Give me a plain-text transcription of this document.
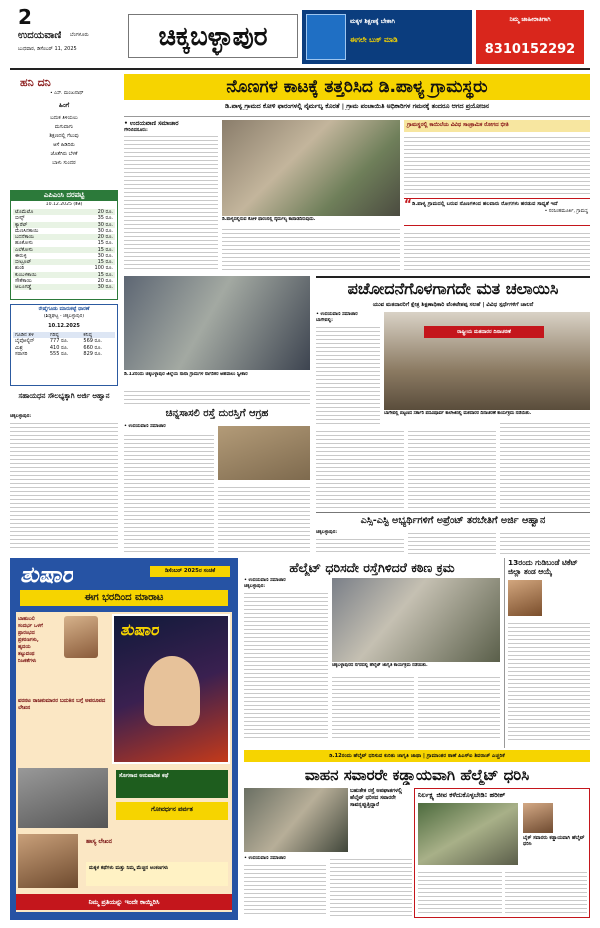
2
ಉದಯವಾಣಿ ಬೆಂಗಳೂರು
ಬುಧವಾರ, ಡಿಸೆಂಬರ್ 11, 2025	ಚಿಕ್ಕಬಳ್ಳಾಪುರ
ಮಕ್ಕಳ ಶಿಕ್ಷಣಕ್ಕೆ ಬೇಕಾಗಿ
ಈಗಲೇ ಬುಕ್ ಮಾಡಿ
ನಿಮ್ಮ ಜಾಹೀರಾತಿಗಾಗಿ
8310152292
ಹನಿ ದನಿ
• ಎಸ್. ಮಂಜುನಾಥ್
ಹಿಂಗೆ
ಬದುಕ ತಿಳಿಯಲು
ಮಗುವಾಗು
ಶಿಕ್ಷಣದಲ್ಲಿ ಗೆಲುವು
ಆಸೆ ಹಿಡಿದಿರು
ಜೊತೆಗಿರು ಬೆಳಕೆ
ಬಾಳು ಸುಂದರ
ಎಪಿಎಂಸಿ ದರಪಟ್ಟಿ
10.12.2025 (ಕೆಜಿ)
ಟೊಮೆಟೊ	20 ರೂ.
ಬೀನ್ಸ್	35 ರೂ.
ಕ್ಯಾರೆಟ್	30 ರೂ.
ಮೆಣಸಿನಕಾಯಿ	30 ರೂ.
ಬದನೆಕಾಯಿ	20 ರೂ.
ಹೂಕೋಸು	15 ರೂ.
ಎಲೆಕೋಸು	15 ರೂ.
ಈರುಳ್ಳಿ	30 ರೂ.
ಬೀಟ್ರೂಟ್	15 ರೂ.
ಶುಂಠಿ	100 ರೂ.
ಕುಂಬಳಕಾಯಿ	15 ರೂ.
ಸೌತೆಕಾಯಿ	20 ರೂ.
ಆಲೂಗಡ್ಡೆ	30 ರೂ.
ರೇಷ್ಮೆಗೂಡು ಮಾರುಕಟ್ಟೆ ಧಾರಣೆ
(ಶಿಡ್ಲಘಟ್ಟ - ಚಿಕ್ಕಬಳ್ಳಾಪುರ)
10.12.2025
ಗೂಡಿನ ತಳಿ	ಗರಿಷ್ಠ	ಕನಿಷ್ಠ
ಬೈವೋಲ್ಟಿನ್	777 ರೂ.	569 ರೂ.
ಮಿಶ್ರ	410 ರೂ.	660 ರೂ.
ಸರಾಸರಿ	555 ರೂ.	829 ರೂ.
ಸಹಾಯಧನ ಸೌಲಭ್ಯಕ್ಕಾಗಿ ಅರ್ಜಿ ಆಹ್ವಾನ
ಚಿಕ್ಕಬಳ್ಳಾಪುರ:
ನೊಣಗಳ ಕಾಟಕ್ಕೆ ತತ್ತರಿಸಿದ ಡಿ.ಪಾಳ್ಯ ಗ್ರಾಮಸ್ಥರು
ಡಿ.ಪಾಳ್ಯ ಗ್ರಾಮದ ಕೋಳಿ ಫಾರಂಗಳಲ್ಲಿ ನೈರ್ಮಲ್ಯ ಕೊರತೆ | ಗ್ರಾಮ ಪಂಚಾಯಿತಿ ಅಧಿಕಾರಿಗಳ ಗಮನಕ್ಕೆ ತಂದರೂ ಆಗದ ಪ್ರಯೋಜನ
• ಉದಯವಾಣಿ ಸಮಾಚಾರ
ಗೌರಿಬಿದನೂರು:
ಡಿ.ಪಾಳ್ಯದಲ್ಲಿರುವ ಕೋಳಿ ಫಾರಂನಲ್ಲಿ ನೈರ್ಮಲ್ಯ ಕಾಪಾಡದಿರುವುದು.
ಗ್ರಾಮಸ್ಥರಲ್ಲಿ ಕಾಯಿಲೆಯ ವಿವಿಧ ಸಾಂಕ್ರಾಮಿಕ ರೋಗದ ಭೀತಿ
ಡಿ.ಪಾಳ್ಯ ಗ್ರಾಮದಲ್ಲಿ ಬರುವ ನೊಣಗಳಿಂದ ಹಲವಾರು ರೋಗಗಳು ಹರಡುವ ಸಾಧ್ಯತೆ ಇದೆ
• ನರಸಿಂಹಮೂರ್ತಿ, ಗ್ರಾಮಸ್ಥ
“
ಡಿ.12ರಂದು ಚಿಕ್ಕಬಳ್ಳಾಪುರ ಜಿಲ್ಲೆಯ ನಾನಾ ಗ್ರಾಮಗಳ ನಾಗರಿಕರ ಅಹವಾಲು ಸ್ವೀಕಾರ
ಚಿನ್ನಸಾಸಲಿ ರಸ್ತೆ ದುರಸ್ತಿಗೆ ಆಗ್ರಹ
• ಉದಯವಾಣಿ ಸಮಾಚಾರ
ಪಚೋದನೆಗೊಳಗಾಗದೇ ಮತ ಚಲಾಯಿಸಿ
ಯುವ ಮತದಾರರಿಗೆ ಕ್ಷೇತ್ರ ಶಿಕ್ಷಣಾಧಿಕಾರಿ ವೆಂಕಟೇಶಪ್ಪ ಸಲಹೆ | ವಿವಿಧ ಸ್ಪರ್ಧೆಗಳಿಗೆ ಚಾಲನೆ
• ಉದಯವಾಣಿ ಸಮಾಚಾರ
ಬಾಗೇಪಲ್ಲಿ:
ರಾಷ್ಟ್ರೀಯ ಮತದಾರರ ದಿನಾಚರಣೆ
ಬಾಗೇಪಲ್ಲಿ ಪಟ್ಟಣದ ಸರ್ಕಾರಿ ಪದವಿಪೂರ್ವ ಕಾಲೇಜಿನಲ್ಲಿ ಮತದಾರರ ದಿನಾಚರಣೆ ಕಾರ್ಯಕ್ರಮ ನಡೆಯಿತು.
ಎಸ್ಸಿ-ಎಸ್ಟಿ ಅಭ್ಯರ್ಥಿಗಳಿಗೆ ಅಪ್ರೆಂಟ್ ತರಬೇತಿಗೆ ಅರ್ಜಿ ಆಹ್ವಾನ
ಚಿಕ್ಕಬಳ್ಳಾಪುರ:
ತುಷಾರ	ಡಿಸೆಂಬರ್ 2025ರ ಸಂಚಿಕೆ
ಈಗ ಭರದಿಂದ ಮಾರಾಟ
ಬಾಹುಬಲಿ
ಸಂದರ್ಭ ಒಳಗೆ
ಪ್ರಾರಂಭದ
ಪ್ರಕರಣಗಳು,
ಹೃದಯ
ತಟ್ಟುವಂಥ
ನಿಜಕತೆಗಳು
ತುಷಾರ
ವರನಟ ರಾಜಕುಮಾರರ ಬದುಕಿನ ಬಗ್ಗೆ ಅಪರೂಪದ ಲೇಖನ
ಸೊಗಸಾದ ಅನುವಾದಿತ ಕಥೆ
ಗೋವರ್ಧನ ಪರ್ವತ
ಹಾಸ್ಯ ಲೇಖನ
ಮಕ್ಕಳ ಕಥೆಗಳು ಮತ್ತು ನಿಮ್ಮ ಮೆಚ್ಚಿನ ಅಂಕಣಗಳು
ನಿಮ್ಮ ಪ್ರತಿಯನ್ನು ಇಂದೇ ಕಾಯ್ದಿರಿಸಿ
ಹೆಲ್ಮೆಟ್ ಧರಿಸದೇ ರಸ್ತೆಗಿಳಿದರೆ ಕಠಿಣ ಕ್ರಮ
• ಉದಯವಾಣಿ ಸಮಾಚಾರ
ಚಿಕ್ಕಬಳ್ಳಾಪುರ:
ಚಿಕ್ಕಬಳ್ಳಾಪುರದ ನಗರದಲ್ಲಿ ಹೆಲ್ಮೆಟ್ ಜಾಗೃತಿ ಕಾರ್ಯಕ್ರಮ ನಡೆಯಿತು.
13ರಂದು ಗುಡಿಬಂಡೆ ಟಿಕೆಟ್ ಜಿಲ್ಲಾ ತಂಡ ಆಯ್ಕೆ
ಡಿ.12ರಂದು ಹೆಲ್ಮೆಟ್ ಧರಿಸುವ ಕುರಿತು ಜಾಗೃತಿ ಜಾಥಾ | ಗ್ರಾಮಾಂತರ ಠಾಣೆ ಪಿಎಸ್ಐ ಶಿವರಾಜ್ ಎಚ್ಚರಿಕೆ
ವಾಹನ ಸವಾರರೇ ಕಡ್ಡಾಯವಾಗಿ ಹೆಲ್ಮೆಟ್ ಧರಿಸಿ
ಬಹುತೇಕ ರಸ್ತೆ ಅಪಘಾತಗಳಲ್ಲಿ ಹೆಲ್ಮೆಟ್ ಧರಿಸದ ಸವಾರರೇ ಸಾವನ್ನಪ್ಪುತ್ತಿದ್ದಾರೆ
• ಉದಯವಾಣಿ ಸಮಾಚಾರ
ನಿರ್ಲಕ್ಷ್ಯ ಜೀವ ಕಳೆದುಕೊಳ್ಳಬೇಡಿ: ಹರೀಶ್
ಬೈಕ್ ಸವಾರರು ಕಡ್ಡಾಯವಾಗಿ ಹೆಲ್ಮೆಟ್ ಧರಿಸಿ
